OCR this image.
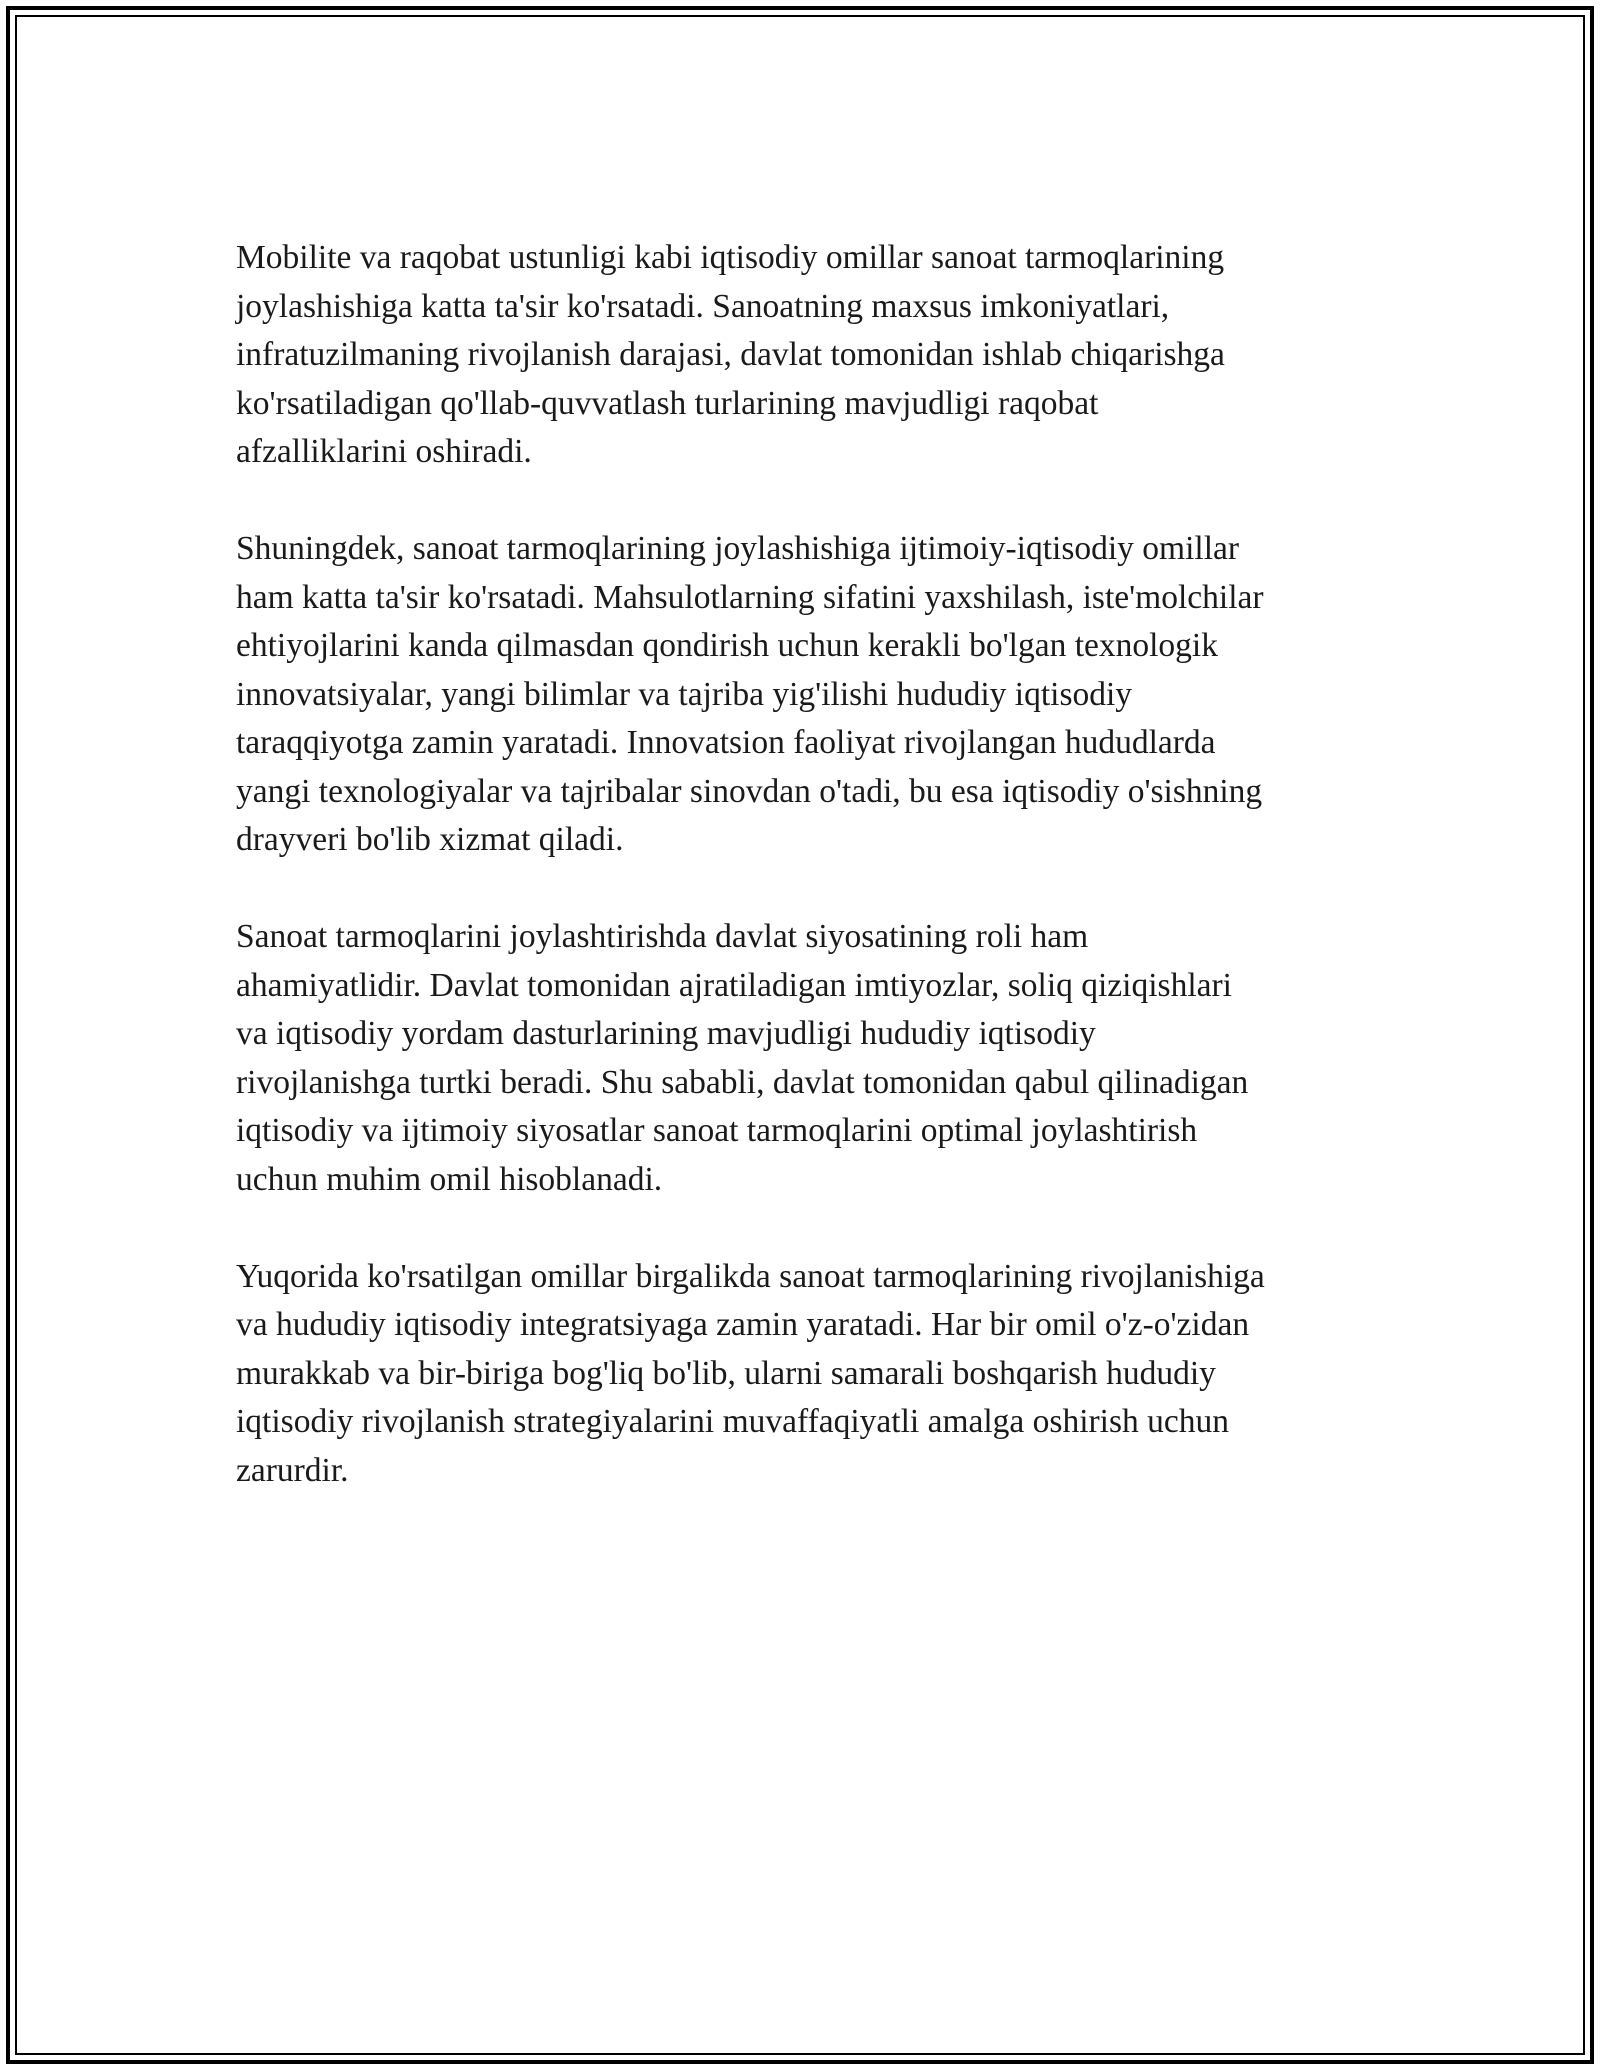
Mobilite va raqobat ustunligi kabi iqtisodiy omillar sanoat tarmoqlarining
joylashishiga katta ta'sir ko'rsatadi. Sanoatning maxsus imkoniyatlari,
infratuzilmaning rivojlanish darajasi, davlat tomonidan ishlab chiqarishga
ko'rsatiladigan qo'llab-quvvatlash turlarining mavjudligi raqobat
afzalliklarini oshiradi.

Shuningdek, sanoat tarmoqlarining joylashishiga ijtimoiy-iqtisodiy omillar
ham katta ta'sir ko'rsatadi. Mahsulotlarning sifatini yaxshilash, iste'molchilar
ehtiyojlarini kanda qilmasdan qondirish uchun kerakli bo'lgan texnologik
innovatsiyalar, yangi bilimlar va tajriba yig'ilishi hududiy iqtisodiy
taraqqiyotga zamin yaratadi. Innovatsion faoliyat rivojlangan hududlarda
yangi texnologiyalar va tajribalar sinovdan o'tadi, bu esa iqtisodiy o'sishning
drayveri bo'lib xizmat qiladi.

Sanoat tarmoqlarini joylashtirishda davlat siyosatining roli ham
ahamiyatlidir. Davlat tomonidan ajratiladigan imtiyozlar, soliq qiziqishlari
va iqtisodiy yordam dasturlarining mavjudligi hududiy iqtisodiy
rivojlanishga turtki beradi. Shu sababli, davlat tomonidan qabul qilinadigan
iqtisodiy va ijtimoiy siyosatlar sanoat tarmoqlarini optimal joylashtirish
uchun muhim omil hisoblanadi.

Yuqorida ko'rsatilgan omillar birgalikda sanoat tarmoqlarining rivojlanishiga
va hududiy iqtisodiy integratsiyaga zamin yaratadi. Har bir omil o'z-o'zidan
murakkab va bir-biriga bog'liq bo'lib, ularni samarali boshqarish hududiy
iqtisodiy rivojlanish strategiyalarini muvaffaqiyatli amalga oshirish uchun
zarurdir.
